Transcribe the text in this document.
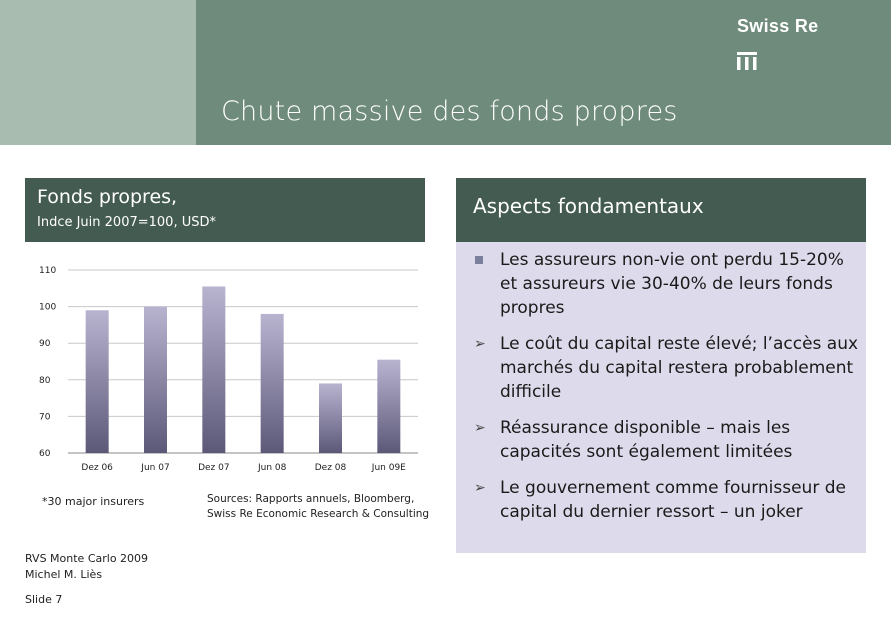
Chute massive des fonds propres
Swiss Re
Fonds propres,
Indce Juin 2007=100, USD*
60
70
80
90
100
110
Dez 06	Jun 07	Dez 07	Jun 08	Dez 08	Jun 09E
*30 major insurers	Sources: Rapports annuels, Bloomberg,
Swiss Re Economic Research & Consulting
Aspects fondamentaux
Les assureurs non-vie ont perdu 15-20% et assureurs vie 30-40% de leurs fonds propres
➢ Le coût du capital reste élevé; l’accès aux marchés du capital restera probablement difficile
➢ Réassurance disponible – mais les capacités sont également limitées
➢ Le gouvernement comme fournisseur de capital du dernier ressort – un joker
RVS Monte Carlo 2009
Michel M. Liès
Slide 7
